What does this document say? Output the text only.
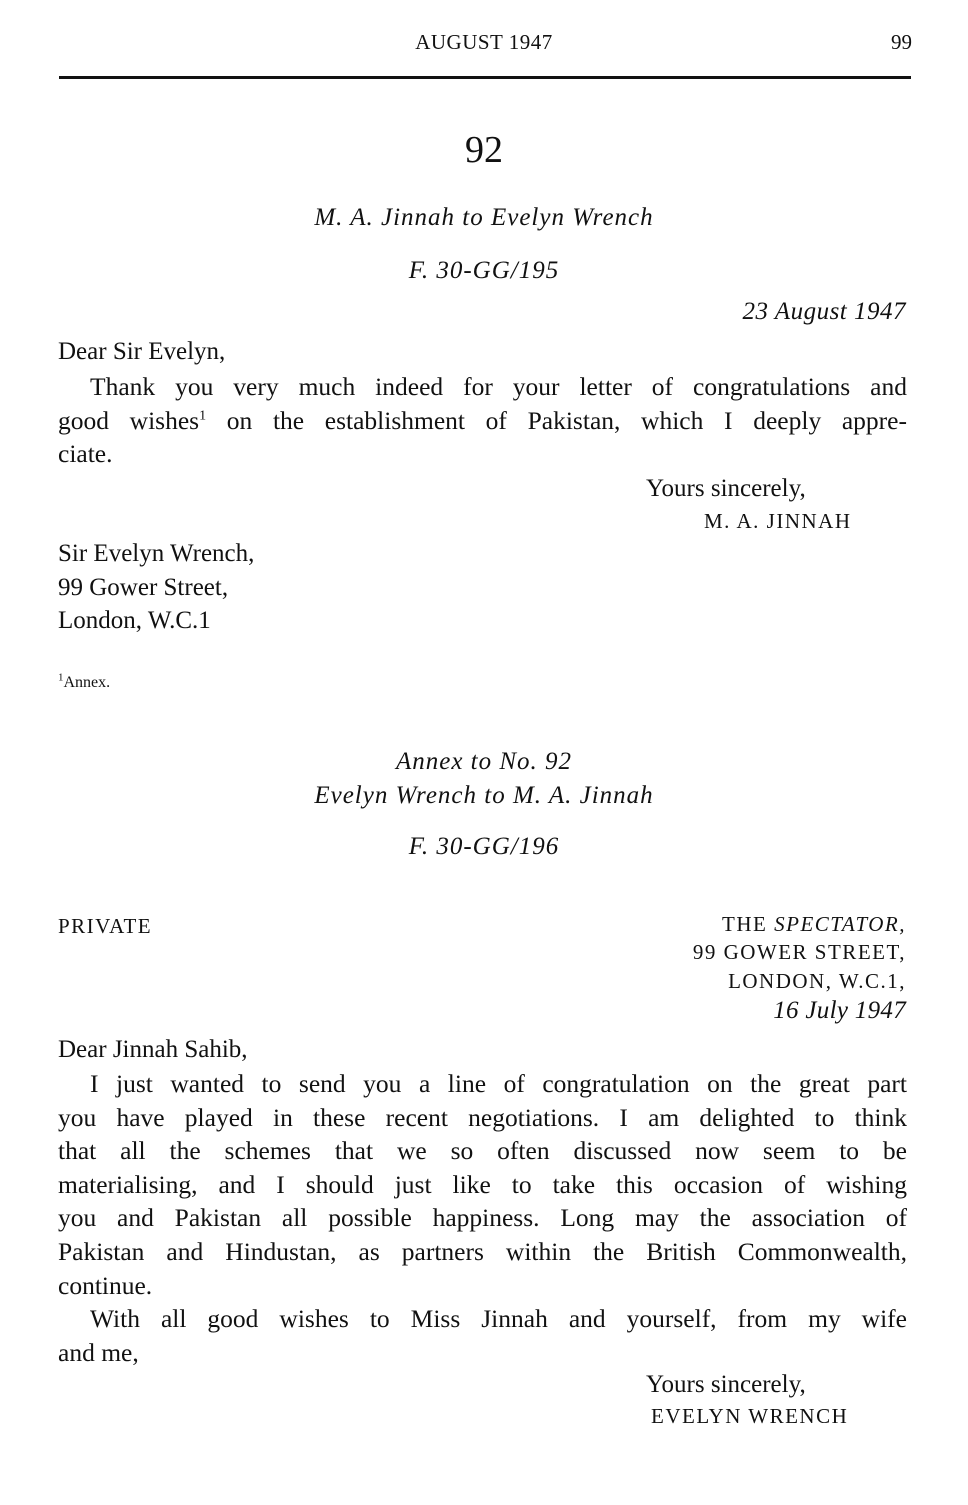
AUGUST 1947	99
92
M. A. Jinnah to Evelyn Wrench
F. 30-GG/195
23 August 1947
Dear Sir Evelyn,
Thank you very much indeed for your letter of congratulations and
good wishes$^1$ on the establishment of Pakistan, which I deeply appre-
ciate.
Yours sincerely,
M. A. JINNAH
Sir Evelyn Wrench,
99 Gower Street,
London, W.C.1
$^1$Annex.
Annex to No. 92
Evelyn Wrench to M. A. Jinnah
F. 30-GG/196
PRIVATE	THE SPECTATOR,
99 GOWER STREET,
LONDON, W.C.1,
16 July 1947
Dear Jinnah Sahib,
I just wanted to send you a line of congratulation on the great part
you have played in these recent negotiations. I am delighted to think
that all the schemes that we so often discussed now seem to be
materialising, and I should just like to take this occasion of wishing
you and Pakistan all possible happiness. Long may the association of
Pakistan and Hindustan, as partners within the British Commonwealth,
continue.
With all good wishes to Miss Jinnah and yourself, from my wife
and me,
Yours sincerely,
EVELYN WRENCH
